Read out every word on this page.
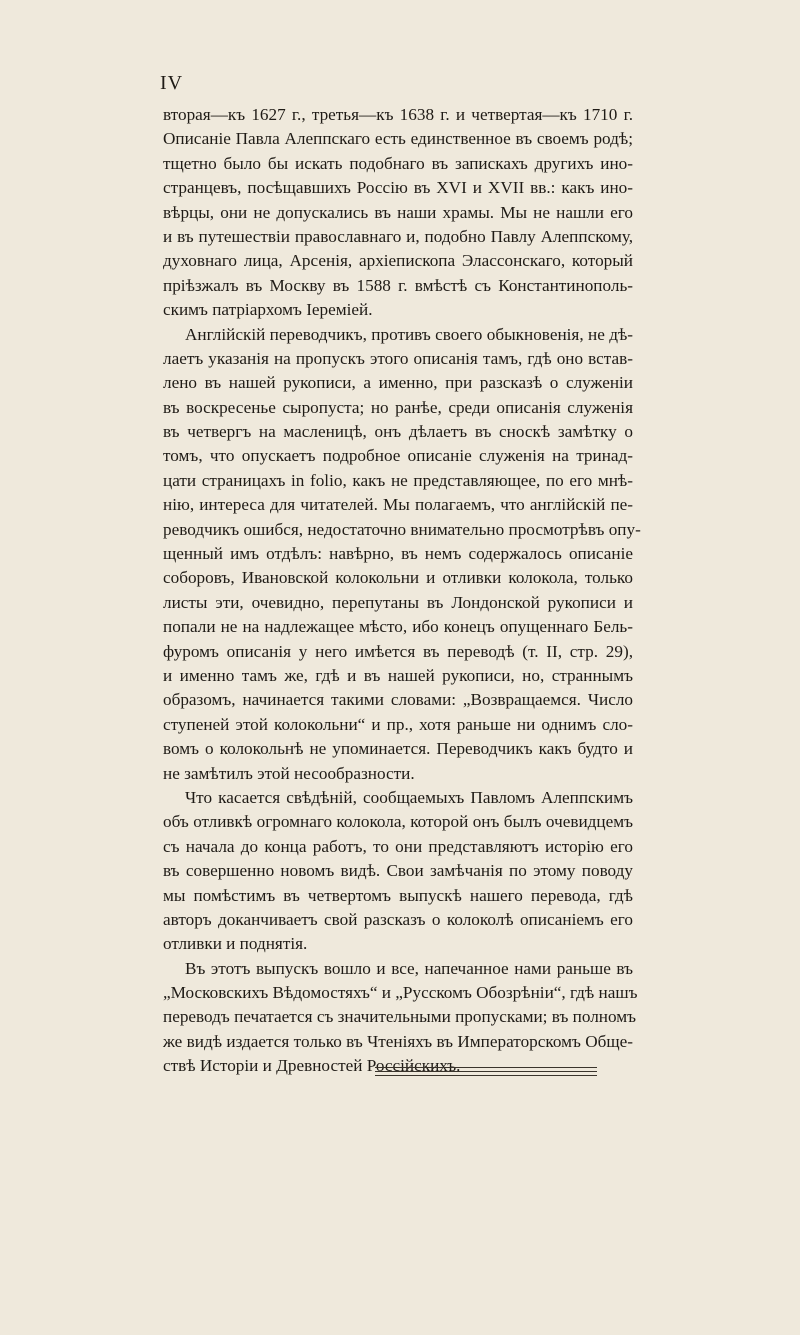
IV
вторая—къ 1627 г., третья—къ 1638 г. и четвертая—къ 1710 г.
Описаніе Павла Алеппскаго есть единственное въ своемъ родѣ;
тщетно было бы искать подобнаго въ запискахъ другихъ ино-
странцевъ, посѣщавшихъ Россію въ XVI и XVII вв.: какъ ино-
вѣрцы, они не допускались въ наши храмы. Мы не нашли его
и въ путешествіи православнаго и, подобно Павлу Алеппскому,
духовнаго лица, Арсенія, архіепископа Элассонскаго, который
пріѣзжалъ въ Москву въ 1588 г. вмѣстѣ съ Константинополь-
скимъ патріархомъ Іереміей.
Англійскій переводчикъ, противъ своего обыкновенія, не дѣ-
лаетъ указанія на пропускъ этого описанія тамъ, гдѣ оно встав-
лено въ нашей рукописи, а именно, при разсказѣ о служеніи
въ воскресенье сыропуста; но ранѣе, среди описанія служенія
въ четвергъ на масленицѣ, онъ дѣлаетъ въ сноскѣ замѣтку о
томъ, что опускаетъ подробное описаніе служенія на тринад-
цати страницахъ in folio, какъ не представляющее, по его мнѣ-
нію, интереса для читателей. Мы полагаемъ, что англійскій пе-
реводчикъ ошибся, недостаточно внимательно просмотрѣвъ опу-
щенный имъ отдѣлъ: навѣрно, въ немъ содержалось описаніе
соборовъ, Ивановской колокольни и отливки колокола, только
листы эти, очевидно, перепутаны въ Лондонской рукописи и
попали не на надлежащее мѣсто, ибо конецъ опущеннаго Бель-
фуромъ описанія у него имѣется въ переводѣ (т. II, стр. 29),
и именно тамъ же, гдѣ и въ нашей рукописи, но, страннымъ
образомъ, начинается такими словами: „Возвращаемся. Число
ступеней этой колокольни“ и пр., хотя раньше ни однимъ сло-
вомъ о колокольнѣ не упоминается. Переводчикъ какъ будто и
не замѣтилъ этой несообразности.
Что касается свѣдѣній, сообщаемыхъ Павломъ Алеппскимъ
объ отливкѣ огромнаго колокола, которой онъ былъ очевидцемъ
съ начала до конца работъ, то они представляютъ исторію его
въ совершенно новомъ видѣ. Свои замѣчанія по этому поводу
мы помѣстимъ въ четвертомъ выпускѣ нашего перевода, гдѣ
авторъ доканчиваетъ свой разсказъ о колоколѣ описаніемъ его
отливки и поднятія.
Въ этотъ выпускъ вошло и все, напечанное нами раньше въ
„Московскихъ Вѣдомостяхъ“ и „Русскомъ Обозрѣніи“, гдѣ нашъ
переводъ печатается съ значительными пропусками; въ полномъ
же видѣ издается только въ Чтеніяхъ въ Императорскомъ Обще-
ствѣ Исторіи и Древностей Россійскихъ.
